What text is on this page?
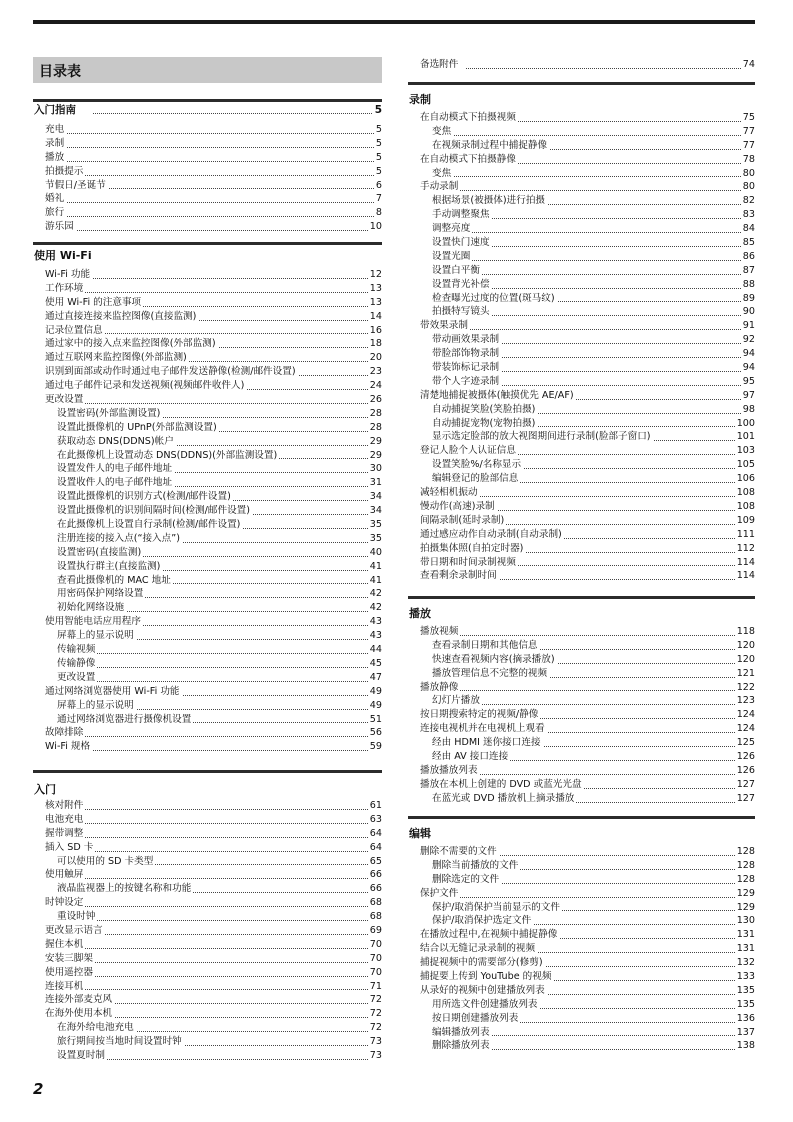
目录表
入门指南	5
充电	5
录制	5
播放	5
拍摄提示	5
节假日/圣诞节	6
婚礼	7
旅行	8
游乐园	10
使用 Wi-Fi
Wi-Fi 功能	12
工作环境	13
使用 Wi-Fi 的注意事项	13
通过直接连接来监控图像(直接监测)	14
记录位置信息	16
通过家中的接入点来监控图像(外部监测)	18
通过互联网来监控图像(外部监测)	20
识别到面部或动作时通过电子邮件发送静像(检测/邮件设置)	23
通过电子邮件记录和发送视频(视频邮件收件人)	24
更改设置	26
设置密码(外部监测设置)	28
设置此摄像机的 UPnP(外部监测设置)	28
获取动态 DNS(DDNS)帐户	29
在此摄像机上设置动态 DNS(DDNS)(外部监测设置)	29
设置发件人的电子邮件地址	30
设置收件人的电子邮件地址	31
设置此摄像机的识别方式(检测/邮件设置)	34
设置此摄像机的识别间隔时间(检测/邮件设置)	34
在此摄像机上设置自行录制(检测/邮件设置)	35
注册连接的接入点(“接入点”)	35
设置密码(直接监测)	40
设置执行群主(直接监测)	41
查看此摄像机的 MAC 地址	41
用密码保护网络设置	42
初始化网络设施	42
使用智能电话应用程序	43
屏幕上的显示说明	43
传输视频	44
传输静像	45
更改设置	47
通过网络浏览器使用 Wi-Fi 功能	49
屏幕上的显示说明	49
通过网络浏览器进行摄像机设置	51
故障排除	56
Wi-Fi 规格	59
入门
核对附件	61
电池充电	63
握带调整	64
插入 SD 卡	64
可以使用的 SD 卡类型	65
使用触屏	66
液晶监视器上的按键名称和功能	66
时钟设定	68
重设时钟	68
更改显示语言	69
握住本机	70
安装三脚架	70
使用遥控器	70
连接耳机	71
连接外部麦克风	72
在海外使用本机	72
在海外给电池充电	72
旅行期间按当地时间设置时钟	73
设置夏时制	73
备选附件	74
录制
在自动模式下拍摄视频	75
变焦	77
在视频录制过程中捕捉静像	77
在自动模式下拍摄静像	78
变焦	80
手动录制	80
根据场景(被摄体)进行拍摄	82
手动调整聚焦	83
调整亮度	84
设置快门速度	85
设置光圈	86
设置白平衡	87
设置背光补偿	88
检查曝光过度的位置(斑马纹)	89
拍摄特写镜头	90
带效果录制	91
带动画效果录制	92
带脸部饰物录制	94
带装饰标记录制	94
带个人字迹录制	95
清楚地捕捉被摄体(触摸优先 AE/AF)	97
自动捕捉笑脸(笑脸拍摄)	98
自动捕捉宠物(宠物拍摄)	100
显示选定脸部的放大视图期间进行录制(脸部子窗口)	101
登记人脸个人认证信息	103
设置笑脸%/名称显示	105
编辑登记的脸部信息	106
减轻相机振动	108
慢动作(高速)录制	108
间隔录制(延时录制)	109
通过感应动作自动录制(自动录制)	111
拍摄集体照(自拍定时器)	112
带日期和时间录制视频	114
查看剩余录制时间	114
播放
播放视频	118
查看录制日期和其他信息	120
快速查看视频内容(摘录播放)	120
播放管理信息不完整的视频	121
播放静像	122
幻灯片播放	123
按日期搜索特定的视频/静像	124
连接电视机并在电视机上观看	124
经由 HDMI 迷你接口连接	125
经由 AV 接口连接	126
播放播放列表	126
播放在本机上创建的 DVD 或蓝光光盘	127
在蓝光或 DVD 播放机上摘录播放	127
编辑
删除不需要的文件	128
删除当前播放的文件	128
删除选定的文件	128
保护文件	129
保护/取消保护当前显示的文件	129
保护/取消保护选定文件	130
在播放过程中,在视频中捕捉静像	131
结合以无缝记录录制的视频	131
捕捉视频中的需要部分(修剪)	132
捕捉要上传到 YouTube 的视频	133
从录好的视频中创建播放列表	135
用所选文件创建播放列表	135
按日期创建播放列表	136
编辑播放列表	137
删除播放列表	138
2
